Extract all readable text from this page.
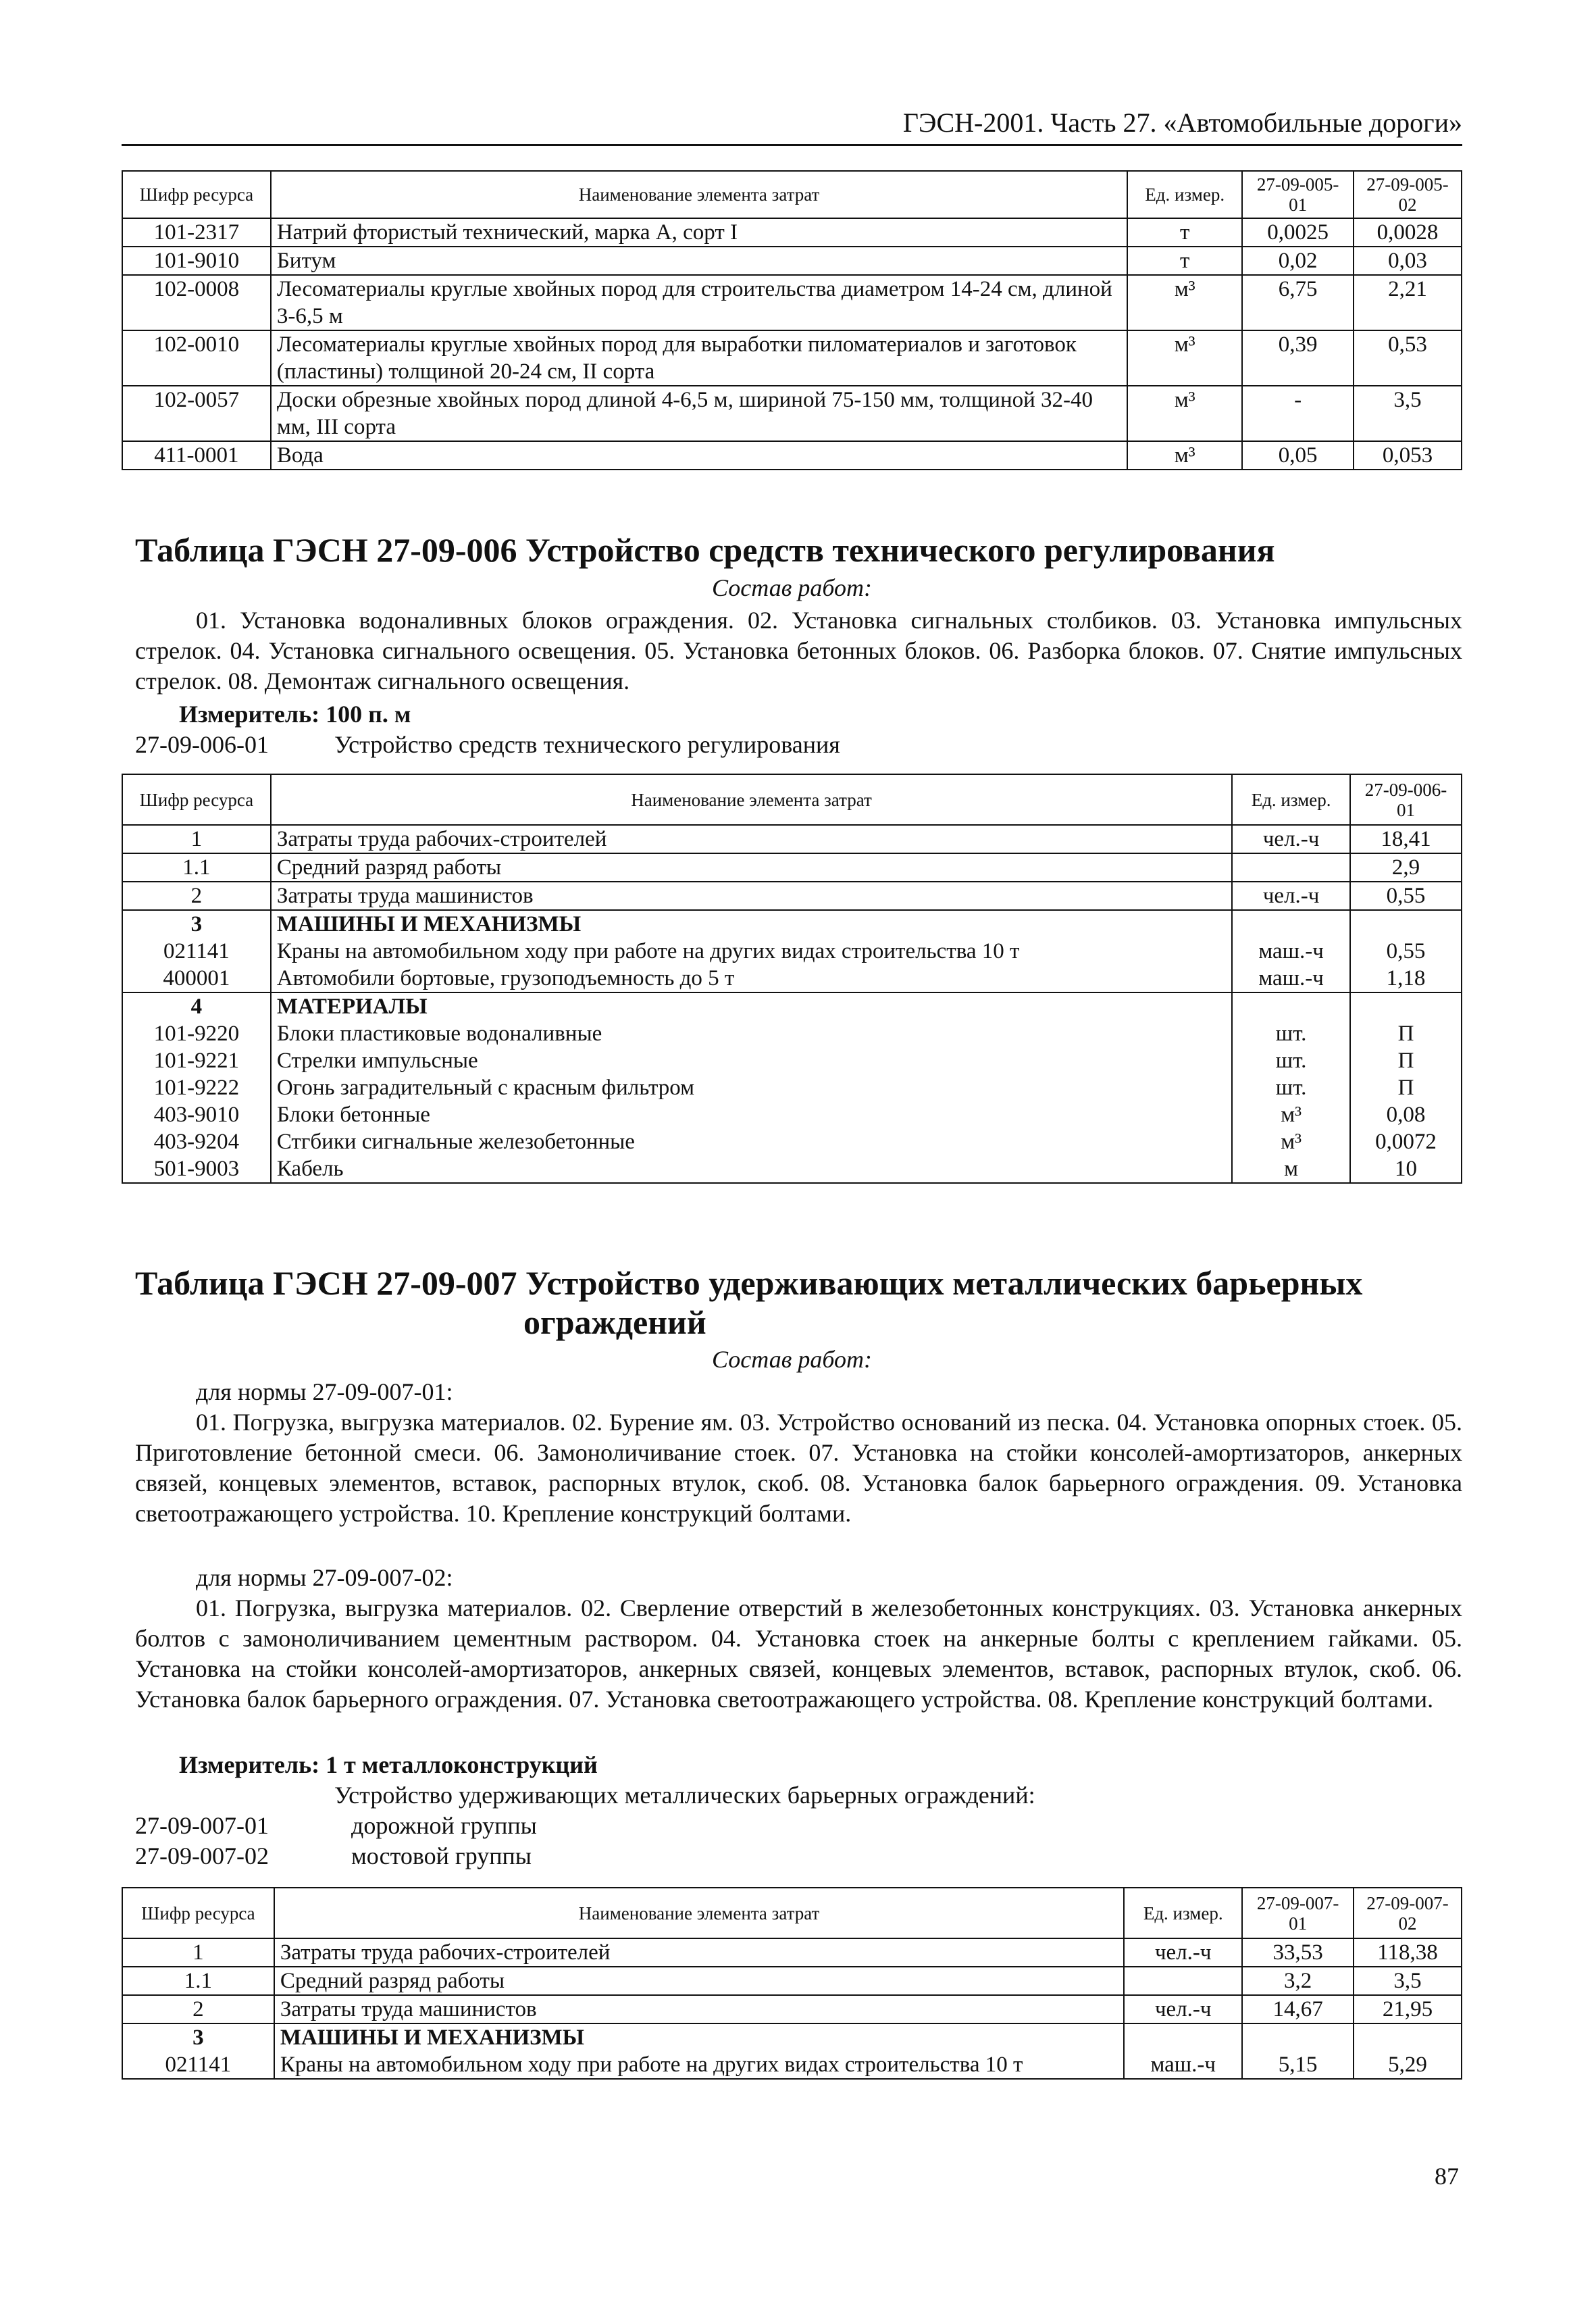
ГЭСН-2001. Часть 27. «Автомобильные дороги»
Шифр ресурса	Наименование элемента затрат	Ед. измер.	27-09-005-01	27-09-005-02
101-2317	Натрий фтористый технический, марка А, сорт I	т	0,0025	0,0028
101-9010	Битум	т	0,02	0,03
102-0008	Лесоматериалы круглые хвойных пород для строительства диаметром 14-24 см, длиной 3-6,5 м	м³	6,75	2,21
102-0010	Лесоматериалы круглые хвойных пород для выработки пиломатериалов и заготовок (пластины) толщиной 20-24 см, II сорта	м³	0,39	0,53
102-0057	Доски обрезные хвойных пород длиной 4-6,5 м, шириной 75-150 мм, толщиной 32-40 мм, III сорта	м³	-	3,5
411-0001	Вода	м³	0,05	0,053
Таблица ГЭСН 27-09-006 Устройство средств технического регулирования
Состав работ:
01. Установка водоналивных блоков ограждения. 02. Установка сигнальных столбиков. 03. Установка импульсных стрелок. 04. Установка сигнального освещения. 05. Установка бетонных блоков. 06. Разборка блоков. 07. Снятие импульсных стрелок. 08. Демонтаж сигнального освещения.
Измеритель: 100 п. м
27-09-006-01	Устройство средств технического регулирования
Шифр ресурса	Наименование элемента затрат	Ед. измер.	27-09-006-01
1	Затраты труда рабочих-строителей	чел.-ч	18,41
1.1	Средний разряд работы		2,9
2	Затраты труда машинистов	чел.-ч	0,55
3	МАШИНЫ И МЕХАНИЗМЫ		
021141	Краны на автомобильном ходу при работе на других видах строительства 10 т	маш.-ч	0,55
400001	Автомобили бортовые, грузоподъемность до 5 т	маш.-ч	1,18
4	МАТЕРИАЛЫ		
101-9220	Блоки пластиковые водоналивные	шт.	П
101-9221	Стрелки импульсные	шт.	П
101-9222	Огонь заградительный с красным фильтром	шт.	П
403-9010	Блоки бетонные	м³	0,08
403-9204	Стгбики сигнальные железобетонные	м³	0,0072
501-9003	Кабель	м	10
Таблица ГЭСН 27-09-007 Устройство удерживающих металлических барьерных
ограждений
Состав работ:
для нормы 27-09-007-01:
01. Погрузка, выгрузка материалов. 02. Бурение ям. 03. Устройство оснований из песка. 04. Установка опорных стоек. 05. Приготовление бетонной смеси. 06. Замоноличивание стоек. 07. Установка на стойки консолей-амортизаторов, анкерных связей, концевых элементов, вставок, распорных втулок, скоб. 08. Установка балок барьерного ограждения. 09. Установка светоотражающего устройства. 10. Крепление конструкций болтами.
для нормы 27-09-007-02:
01. Погрузка, выгрузка материалов. 02. Сверление отверстий в железобетонных конструкциях. 03. Установка анкерных болтов с замоноличиванием цементным раствором. 04. Установка стоек на анкерные болты с креплением гайками. 05. Установка на стойки консолей-амортизаторов, анкерных связей, концевых элементов, вставок, распорных втулок, скоб. 06. Установка балок барьерного ограждения. 07. Установка светоотражающего устройства. 08. Крепление конструкций болтами.
Измеритель: 1 т металлоконструкций
Устройство удерживающих металлических барьерных ограждений:
27-09-007-01	дорожной группы
27-09-007-02	мостовой группы
Шифр ресурса	Наименование элемента затрат	Ед. измер.	27-09-007-01	27-09-007-02
1	Затраты труда рабочих-строителей	чел.-ч	33,53	118,38
1.1	Средний разряд работы		3,2	3,5
2	Затраты труда машинистов	чел.-ч	14,67	21,95
3	МАШИНЫ И МЕХАНИЗМЫ			
021141	Краны на автомобильном ходу при работе на других видах строительства 10 т	маш.-ч	5,15	5,29
87
